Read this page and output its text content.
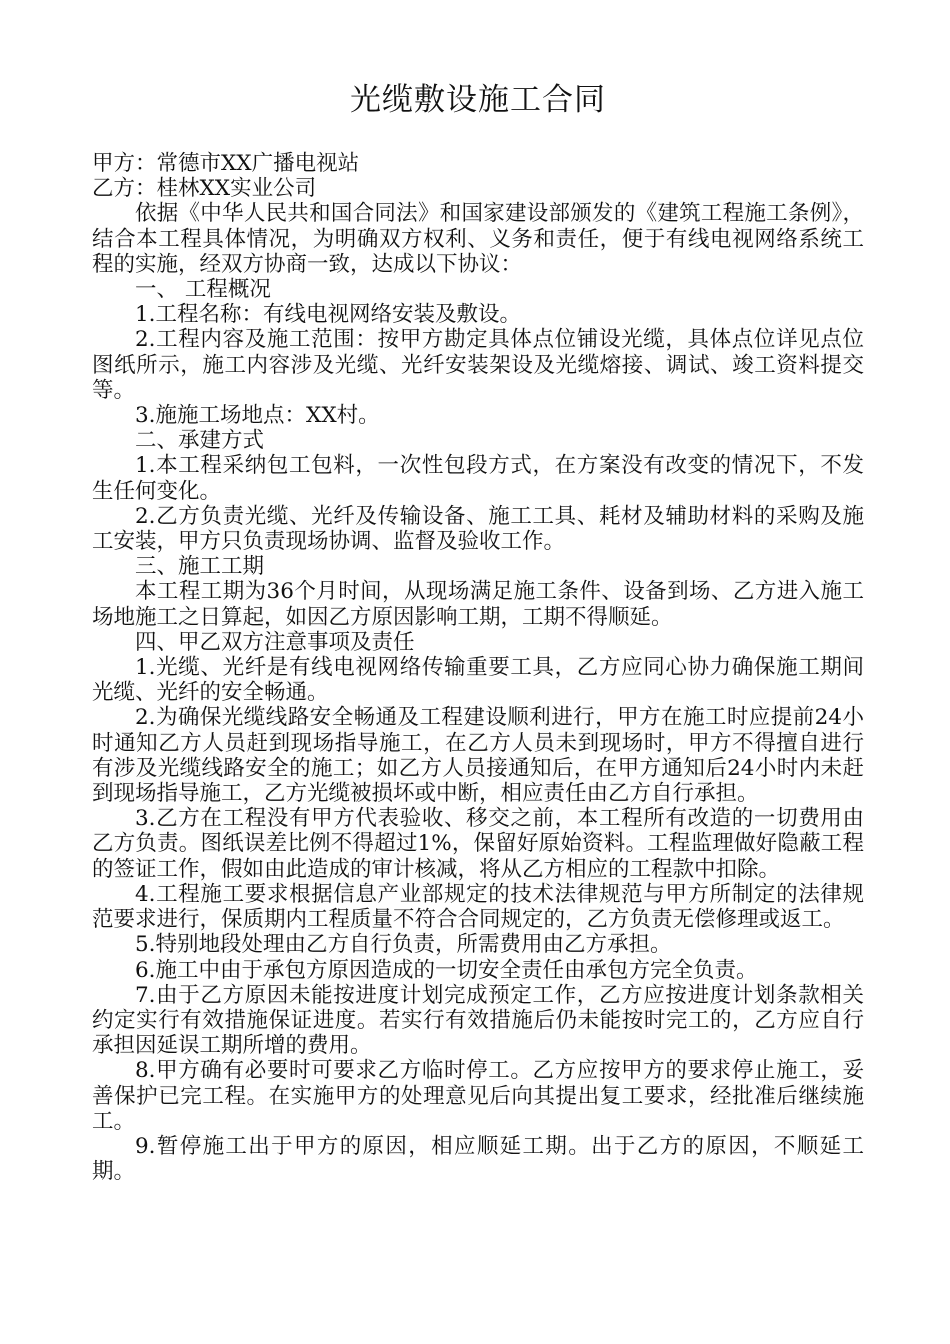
光缆敷设施工合同

甲方：常德市XX广播电视站

乙方：桂林XX实业公司

依据《中华人民共和国合同法》和国家建设部颁发的《建筑工程施工条例》，结合本工程具体情况，为明确双方权利、义务和责任，便于有线电视网络系统工程的实施，经双方协商一致，达成以下协议：

一、 工程概况

1.工程名称：有线电视网络安装及敷设。

2.工程内容及施工范围：按甲方勘定具体点位铺设光缆，具体点位详见点位图纸所示，施工内容涉及光缆、光纤安装架设及光缆熔接、调试、竣工资料提交等。

3.施施工场地点：XX村。

二、承建方式

1.本工程采纳包工包料，一次性包段方式，在方案没有改变的情况下，不发生任何变化。

2.乙方负责光缆、光纤及传输设备、施工工具、耗材及辅助材料的采购及施工安装，甲方只负责现场协调、监督及验收工作。

三、施工工期

本工程工期为36个月时间，从现场满足施工条件、设备到场、乙方进入施工场地施工之日算起，如因乙方原因影响工期，工期不得顺延。

四、甲乙双方注意事项及责任

1.光缆、光纤是有线电视网络传输重要工具，乙方应同心协力确保施工期间光缆、光纤的安全畅通。

2.为确保光缆线路安全畅通及工程建设顺利进行，甲方在施工时应提前24小时通知乙方人员赶到现场指导施工，在乙方人员未到现场时，甲方不得擅自进行有涉及光缆线路安全的施工；如乙方人员接通知后，在甲方通知后24小时内未赶到现场指导施工，乙方光缆被损坏或中断，相应责任由乙方自行承担。

3.乙方在工程没有甲方代表验收、移交之前，本工程所有改造的一切费用由乙方负责。图纸误差比例不得超过1%，保留好原始资料。工程监理做好隐蔽工程的签证工作，假如由此造成的审计核减，将从乙方相应的工程款中扣除。

4.工程施工要求根据信息产业部规定的技术法律规范与甲方所制定的法律规范要求进行，保质期内工程质量不符合合同规定的，乙方负责无偿修理或返工。

5.特别地段处理由乙方自行负责，所需费用由乙方承担。

6.施工中由于承包方原因造成的一切安全责任由承包方完全负责。

7.由于乙方原因未能按进度计划完成预定工作，乙方应按进度计划条款相关约定实行有效措施保证进度。若实行有效措施后仍未能按时完工的，乙方应自行承担因延误工期所增的费用。

8.甲方确有必要时可要求乙方临时停工。乙方应按甲方的要求停止施工，妥善保护已完工程。在实施甲方的处理意见后向其提出复工要求，经批准后继续施工。

9.暂停施工出于甲方的原因，相应顺延工期。出于乙方的原因，不顺延工期。
